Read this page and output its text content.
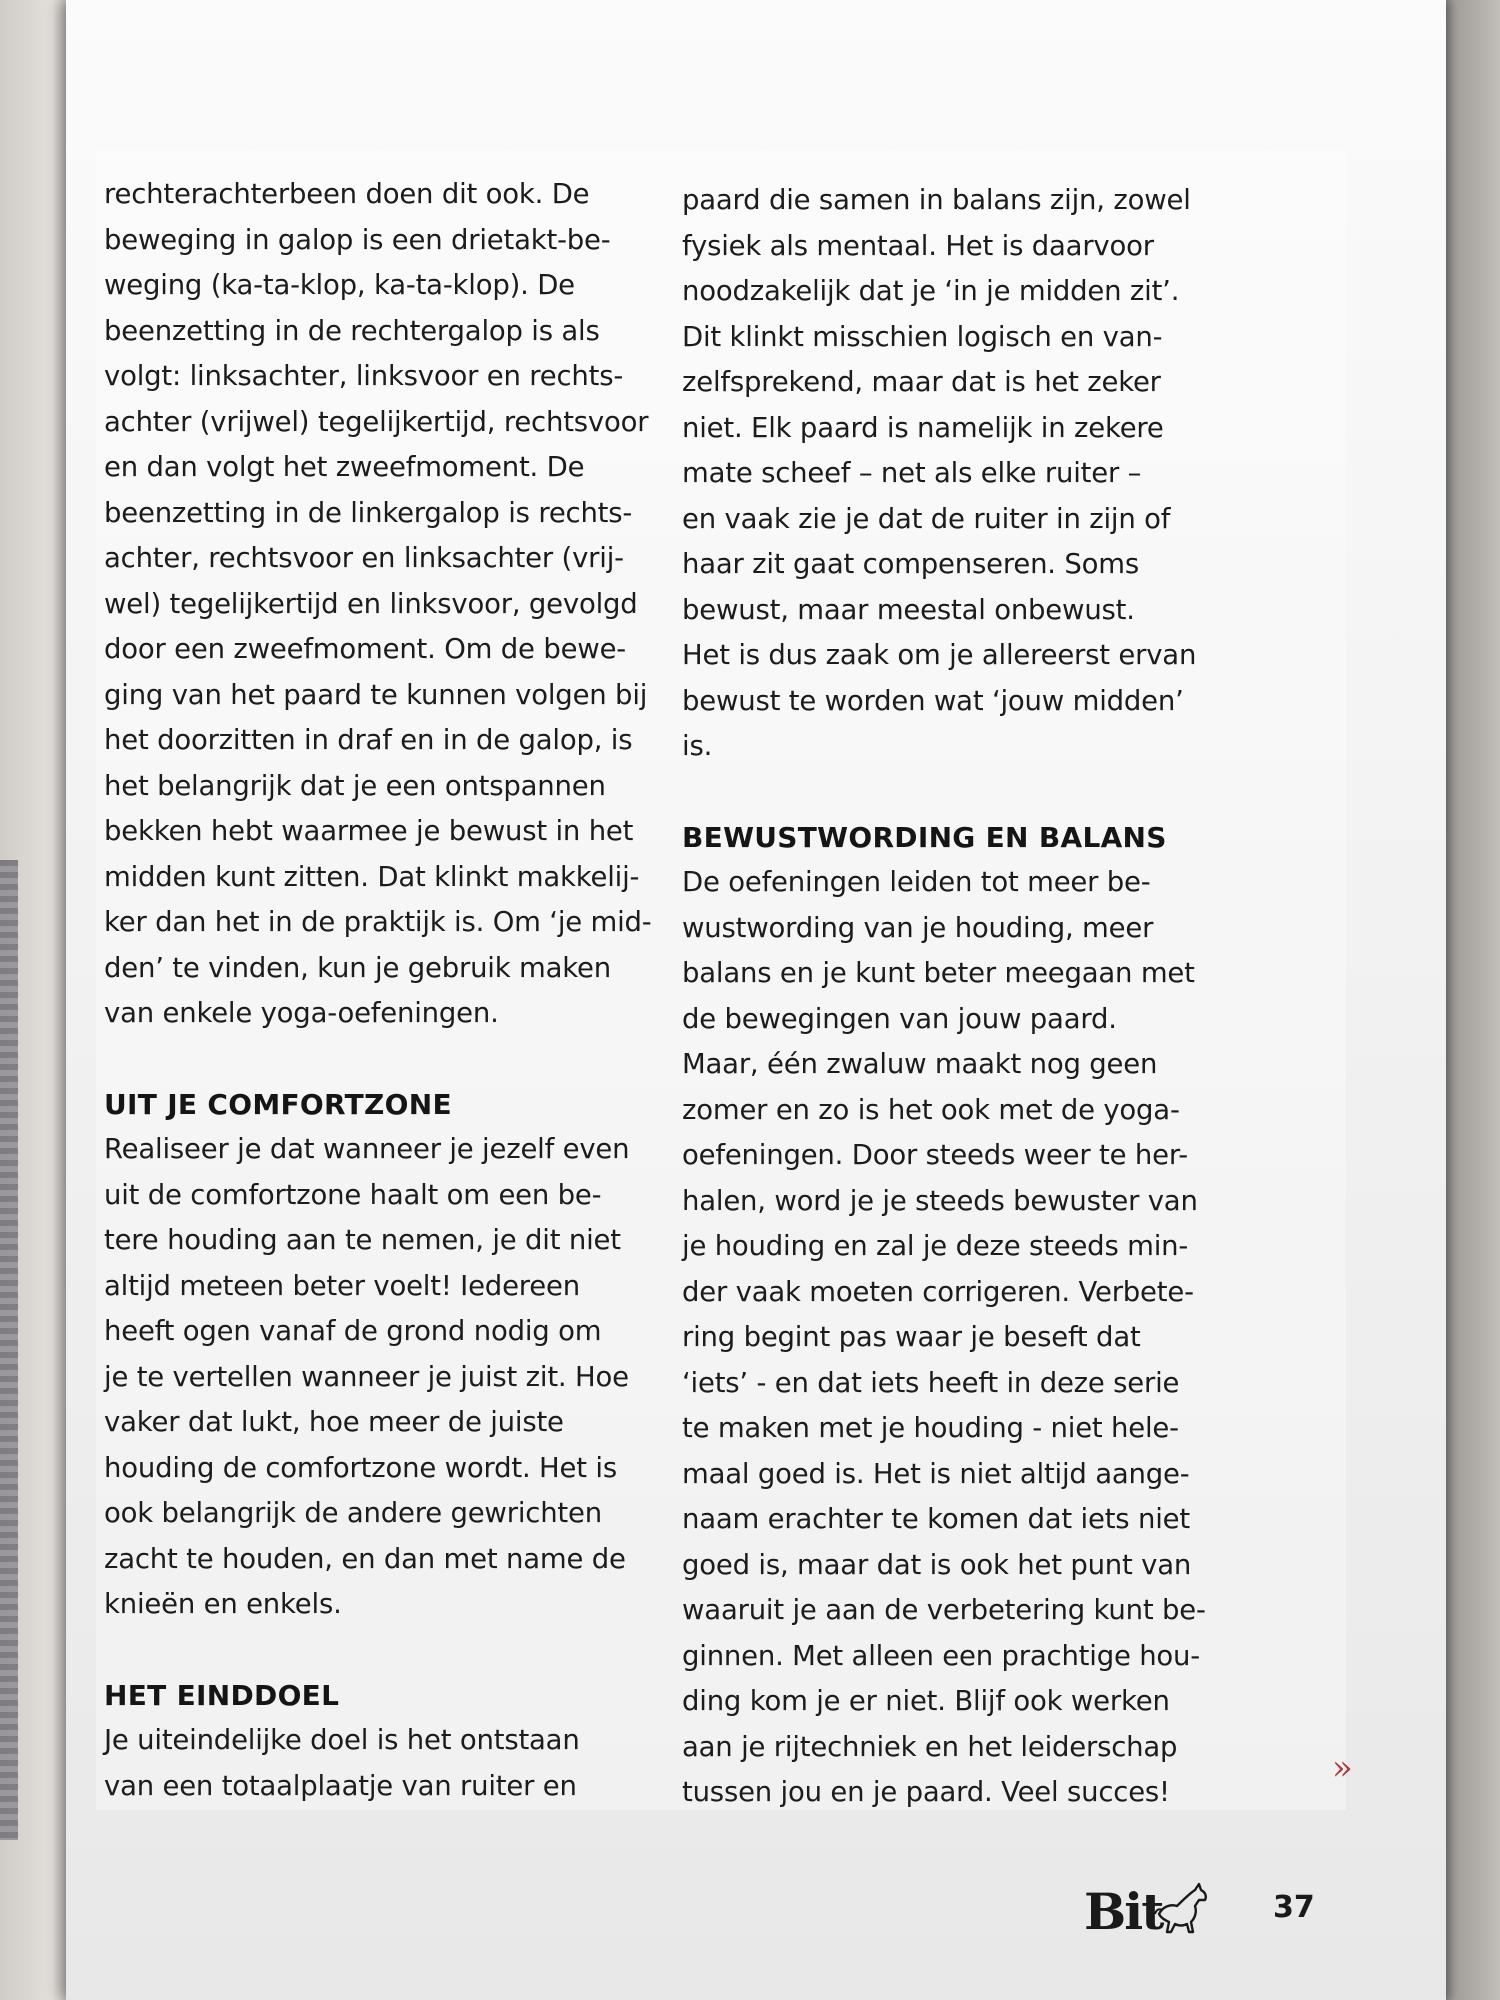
rechterachterbeen doen dit ook. De
beweging in galop is een drietakt-be-
weging (ka-ta-klop, ka-ta-klop). De
beenzetting in de rechtergalop is als
volgt: linksachter, linksvoor en rechts-
achter (vrijwel) tegelijkertijd, rechtsvoor
en dan volgt het zweefmoment. De
beenzetting in de linkergalop is rechts-
achter, rechtsvoor en linksachter (vrij-
wel) tegelijkertijd en linksvoor, gevolgd
door een zweefmoment. Om de bewe-
ging van het paard te kunnen volgen bij
het doorzitten in draf en in de galop, is
het belangrijk dat je een ontspannen
bekken hebt waarmee je bewust in het
midden kunt zitten. Dat klinkt makkelij-
ker dan het in de praktijk is. Om ‘je mid-
den’ te vinden, kun je gebruik maken
van enkele yoga-oefeningen.
UIT JE COMFORTZONE
Realiseer je dat wanneer je jezelf even
uit de comfortzone haalt om een be-
tere houding aan te nemen, je dit niet
altijd meteen beter voelt! Iedereen
heeft ogen vanaf de grond nodig om
je te vertellen wanneer je juist zit. Hoe
vaker dat lukt, hoe meer de juiste
houding de comfortzone wordt. Het is
ook belangrijk de andere gewrichten
zacht te houden, en dan met name de
knieën en enkels.
HET EINDDOEL
Je uiteindelijke doel is het ontstaan
van een totaalplaatje van ruiter en
paard die samen in balans zijn, zowel
fysiek als mentaal. Het is daarvoor
noodzakelijk dat je ‘in je midden zit’.
Dit klinkt misschien logisch en van-
zelfsprekend, maar dat is het zeker
niet. Elk paard is namelijk in zekere
mate scheef – net als elke ruiter –
en vaak zie je dat de ruiter in zijn of
haar zit gaat compenseren. Soms
bewust, maar meestal onbewust.
Het is dus zaak om je allereerst ervan
bewust te worden wat ‘jouw midden’
is.
BEWUSTWORDING EN BALANS
De oefeningen leiden tot meer be-
wustwording van je houding, meer
balans en je kunt beter meegaan met
de bewegingen van jouw paard.
Maar, één zwaluw maakt nog geen
zomer en zo is het ook met de yoga-
oefeningen. Door steeds weer te her-
halen, word je je steeds bewuster van
je houding en zal je deze steeds min-
der vaak moeten corrigeren. Verbete-
ring begint pas waar je beseft dat
‘iets’ - en dat iets heeft in deze serie
te maken met je houding - niet hele-
maal goed is. Het is niet altijd aange-
naam erachter te komen dat iets niet
goed is, maar dat is ook het punt van
waaruit je aan de verbetering kunt be-
ginnen. Met alleen een prachtige hou-
ding kom je er niet. Blijf ook werken
aan je rijtechniek en het leiderschap
tussen jou en je paard. Veel succes!
»
Bit	37
